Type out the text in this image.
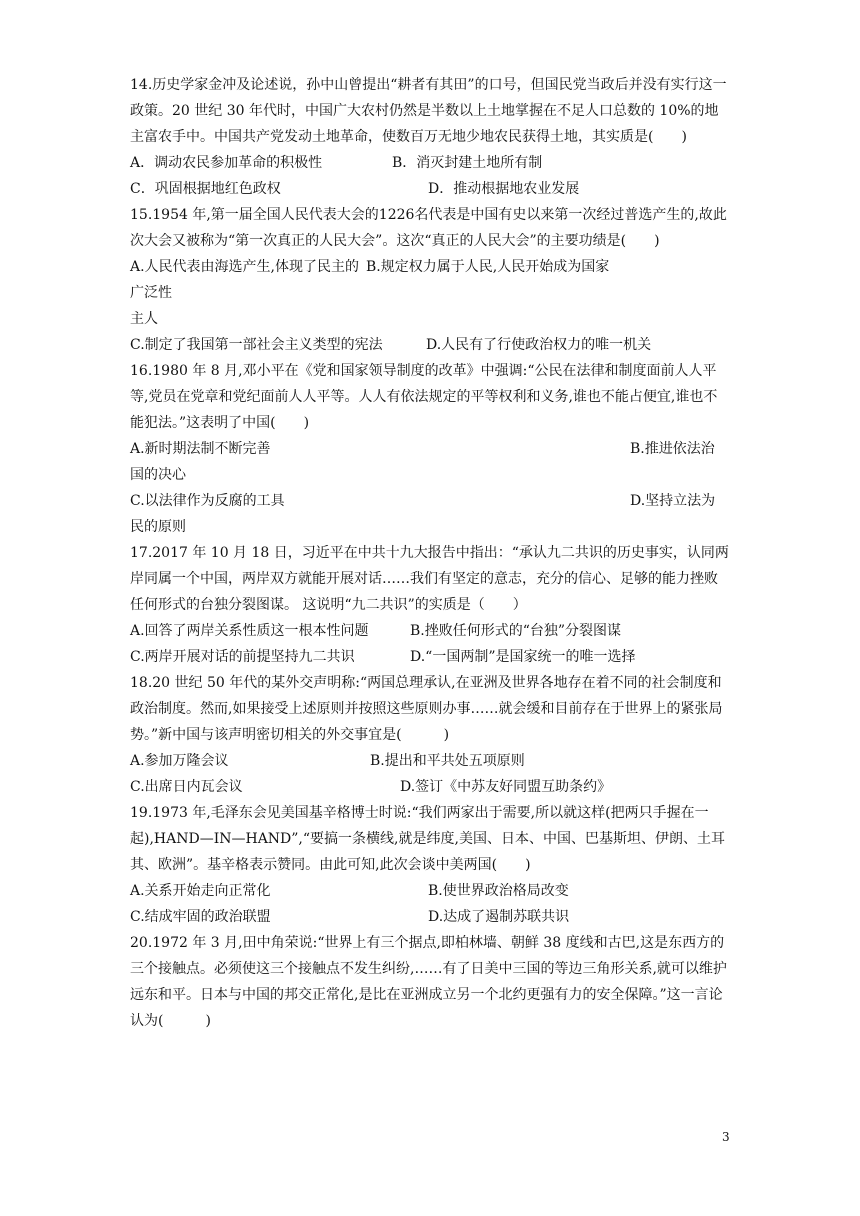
14.历史学家金冲及论述说，孙中山曾提出“耕者有其田”的口号，但国民党当政后并没有实行这一政策。20 世纪 30 年代时，中国广大农村仍然是半数以上土地掌握在不足人口总数的 10%的地主富农手中。中国共产党发动土地革命，使数百万无地少地农民获得土地，其实质是(　　)

A．调动农民参加革命的积极性	B．消灭封建土地所有制
C．巩固根据地红色政权	D．推动根据地农业发展

15.1954 年,第一届全国人民代表大会的1226名代表是中国有史以来第一次经过普选产生的,故此次大会又被称为“第一次真正的人民大会”。这次“真正的人民大会”的主要功绩是(　　)

A.人民代表由海选产生,体现了民主的广泛性
B.规定权力属于人民,人民开始成为国家

主人

C.制定了我国第一部社会主义类型的宪法	D.人民有了行使政治权力的唯一机关

16.1980 年 8 月,邓小平在《党和国家领导制度的改革》中强调:“公民在法律和制度面前人人平等,党员在党章和党纪面前人人平等。人人有依法规定的平等权利和义务,谁也不能占便宜,谁也不能犯法。”这表明了中国(　　)

A.新时期法制不断完善	B.推进依法治

国的决心

C.以法律作为反腐的工具	D.坚持立法为

民的原则

17.2017 年 10 月 18 日，习近平在中共十九大报告中指出：“承认九二共识的历史事实，认同两岸同属一个中国，两岸双方就能开展对话……我们有坚定的意志，充分的信心、足够的能力挫败任何形式的台独分裂图谋。 这说明“九二共识”的实质是（　　）

A.回答了两岸关系性质这一根本性问题	B.挫败任何形式的“台独”分裂图谋
C.两岸开展对话的前提坚持九二共识	D.“一国两制”是国家统一的唯一选择

18.20 世纪 50 年代的某外交声明称:“两国总理承认,在亚洲及世界各地存在着不同的社会制度和政治制度。然而,如果接受上述原则并按照这些原则办事……就会缓和目前存在于世界上的紧张局势。”新中国与该声明密切相关的外交事宜是(　　　)

A.参加万隆会议	B.提出和平共处五项原则
C.出席日内瓦会议	D.签订《中苏友好同盟互助条约》

19.1973 年,毛泽东会见美国基辛格博士时说:“我们两家出于需要,所以就这样(把两只手握在一起),HAND—IN—HAND”,“要搞一条横线,就是纬度,美国、日本、中国、巴基斯坦、伊朗、土耳其、欧洲”。基辛格表示赞同。由此可知,此次会谈中美两国(　　)

A.关系开始走向正常化	B.使世界政治格局改变
C.结成牢固的政治联盟	D.达成了遏制苏联共识

20.1972 年 3 月,田中角荣说:“世界上有三个据点,即柏林墙、朝鲜 38 度线和古巴,这是东西方的三个接触点。必须使这三个接触点不发生纠纷,……有了日美中三国的等边三角形关系,就可以维护远东和平。日本与中国的邦交正常化,是比在亚洲成立另一个北约更强有力的安全保障。”这一言论认为(　　　)

3
